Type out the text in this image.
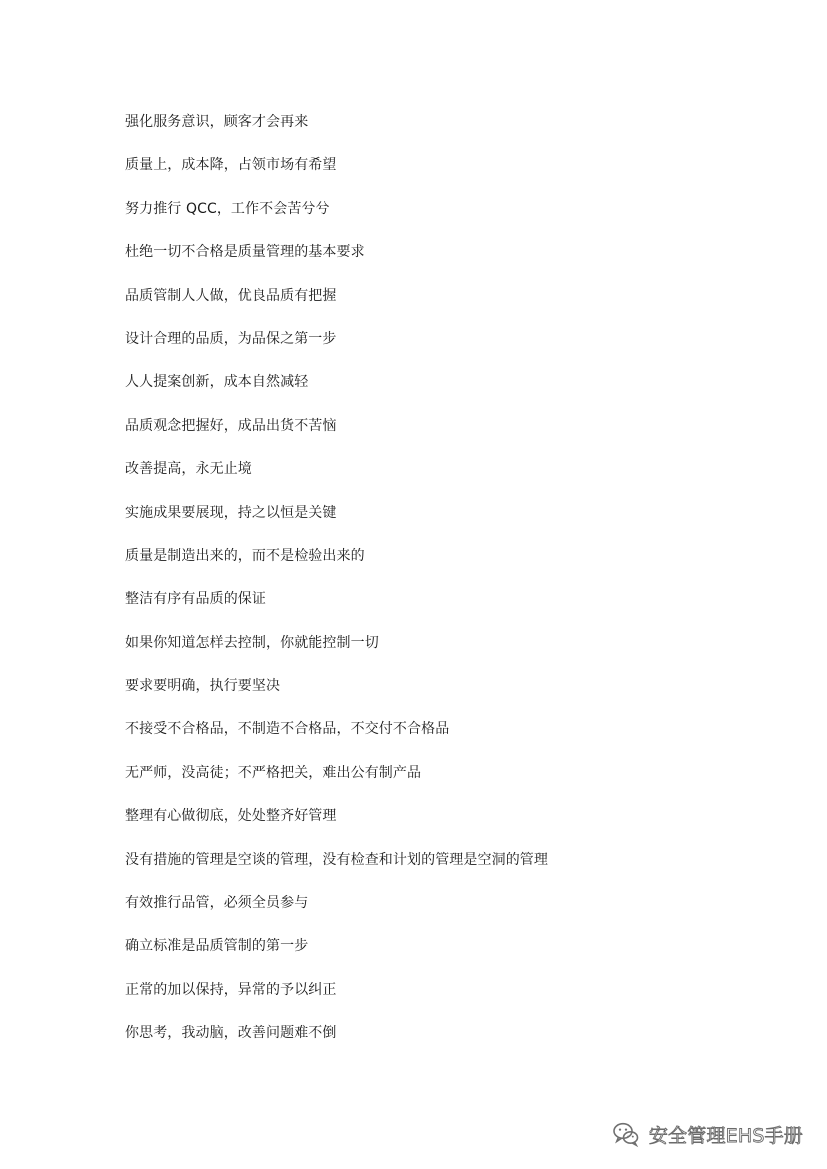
强化服务意识，顾客才会再来
质量上，成本降，占领市场有希望
努力推行 QCC，工作不会苦兮兮
杜绝一切不合格是质量管理的基本要求
品质管制人人做，优良品质有把握
设计合理的品质，为品保之第一步
人人提案创新，成本自然减轻
品质观念把握好，成品出货不苦恼
改善提高，永无止境
实施成果要展现，持之以恒是关键
质量是制造出来的，而不是检验出来的
整洁有序有品质的保证
如果你知道怎样去控制，你就能控制一切
要求要明确，执行要坚决
不接受不合格品，不制造不合格品，不交付不合格品
无严师，没高徒；不严格把关，难出公有制产品
整理有心做彻底，处处整齐好管理
没有措施的管理是空谈的管理，没有检查和计划的管理是空洞的管理
有效推行品管，必须全员参与
确立标准是品质管制的第一步
正常的加以保持，异常的予以纠正
你思考，我动脑，改善问题难不倒
安全管理EHS手册
